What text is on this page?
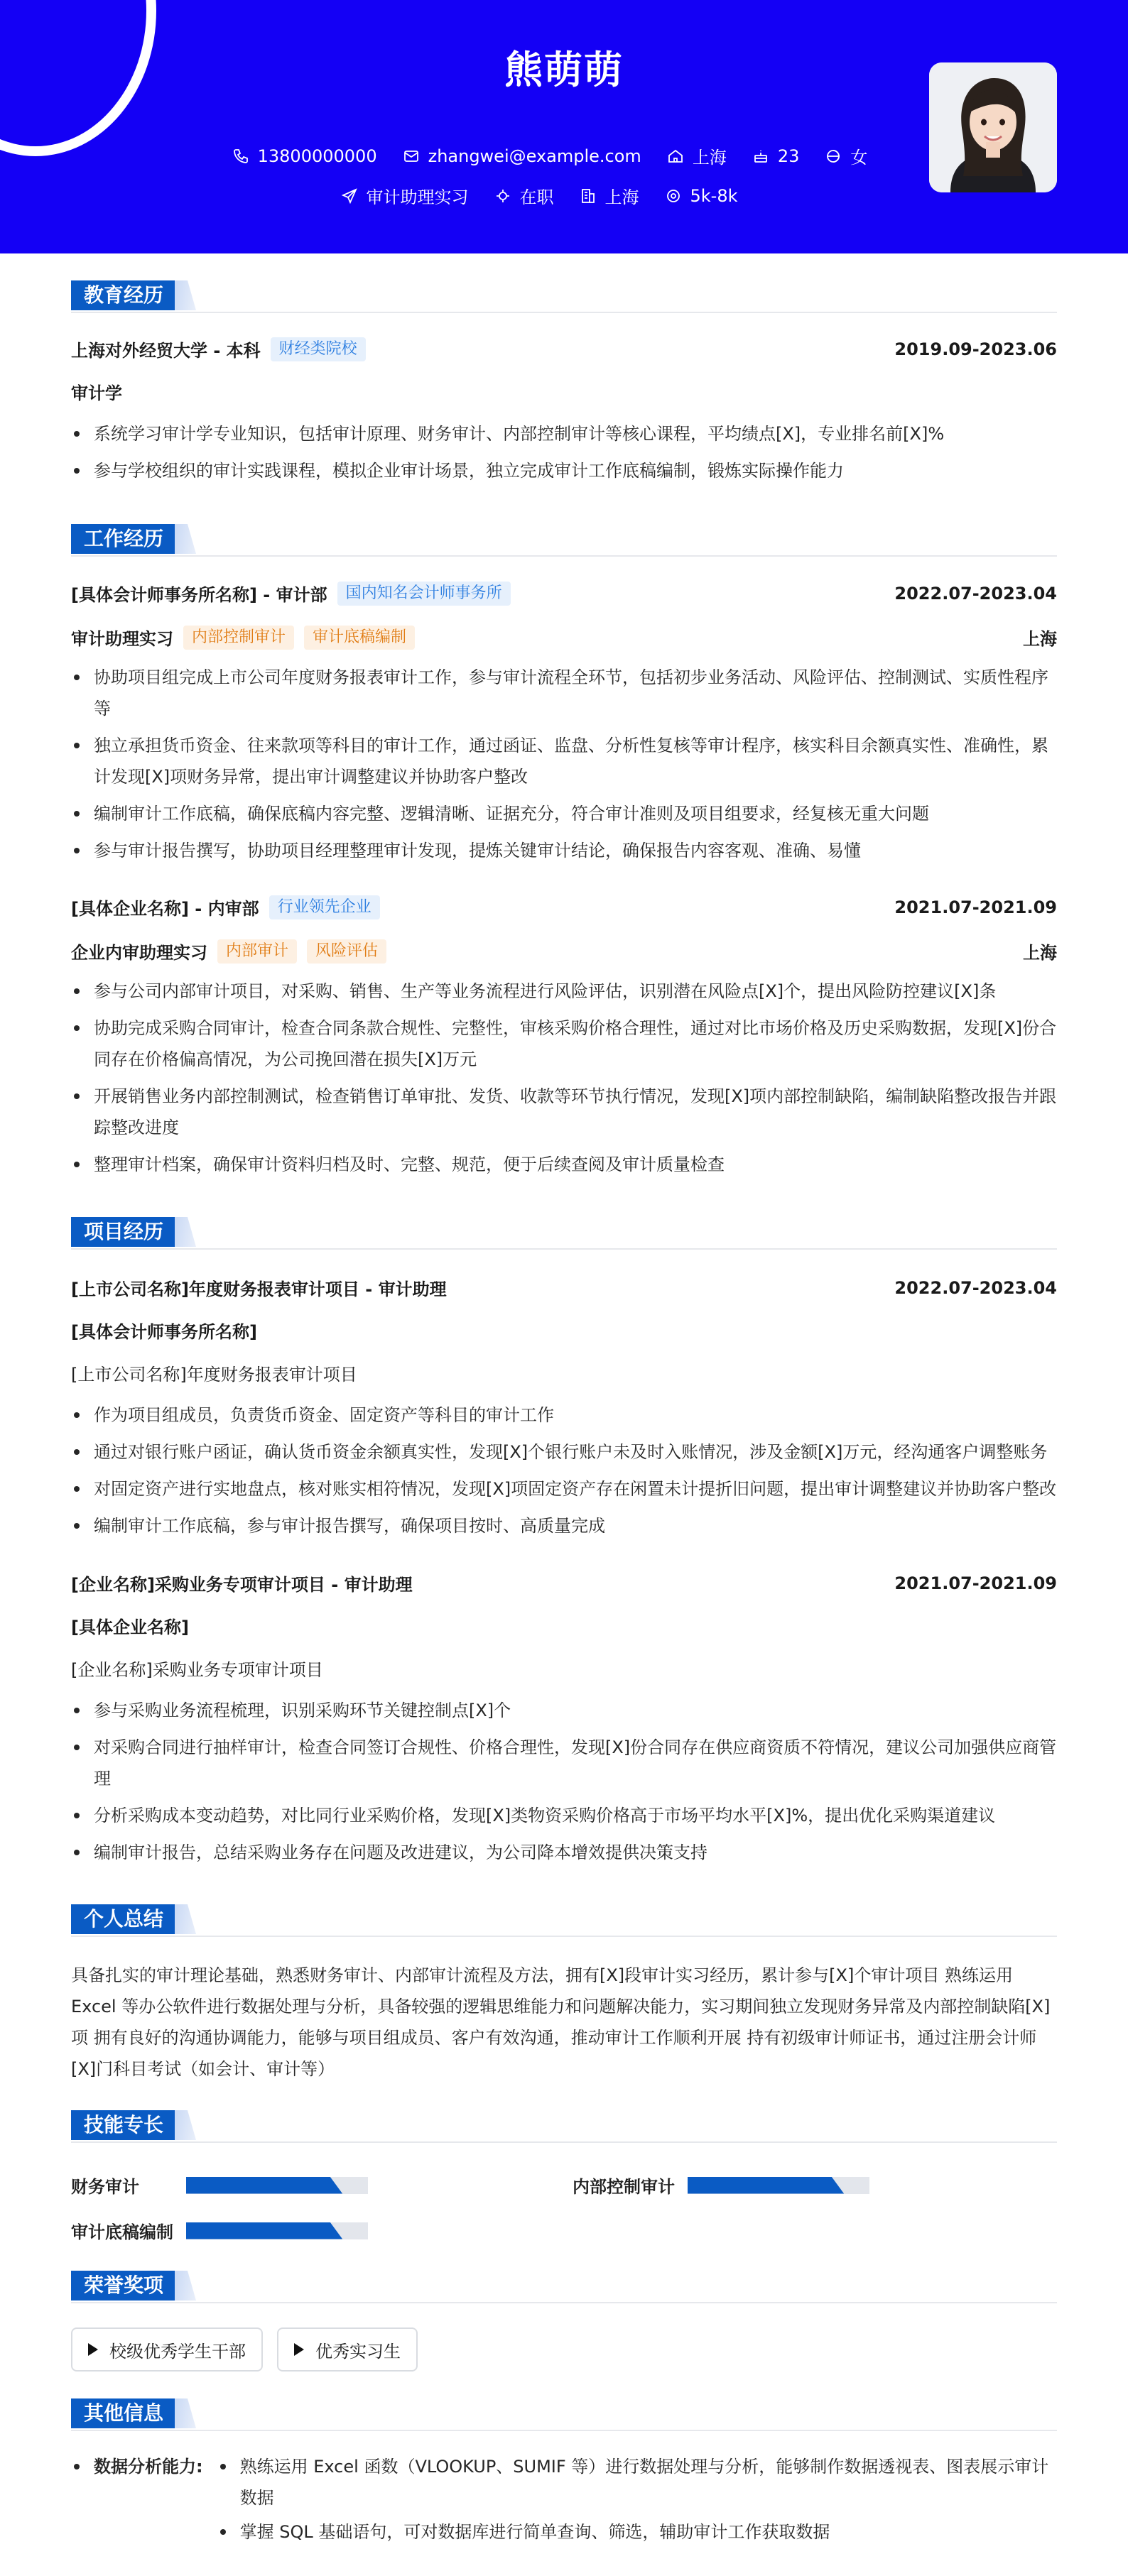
熊萌萌
13800000000	zhangwei@example.com	上海	23	女
审计助理实习	在职	上海	5k-8k
教育经历
上海对外经贸大学 - 本科	财经类院校	2019.09-2023.06
审计学
系统学习审计学专业知识，包括审计原理、财务审计、内部控制审计等核心课程，平均绩点[X]，专业排名前[X]%
参与学校组织的审计实践课程，模拟企业审计场景，独立完成审计工作底稿编制，锻炼实际操作能力
工作经历
[具体会计师事务所名称] - 审计部	国内知名会计师事务所	2022.07-2023.04
审计助理实习	内部控制审计	审计底稿编制	上海
协助项目组完成上市公司年度财务报表审计工作，参与审计流程全环节，包括初步业务活动、风险评估、控制测试、实质性程序等
独立承担货币资金、往来款项等科目的审计工作，通过函证、监盘、分析性复核等审计程序，核实科目余额真实性、准确性，累计发现[X]项财务异常，提出审计调整建议并协助客户整改
编制审计工作底稿，确保底稿内容完整、逻辑清晰、证据充分，符合审计准则及项目组要求，经复核无重大问题
参与审计报告撰写，协助项目经理整理审计发现，提炼关键审计结论，确保报告内容客观、准确、易懂
[具体企业名称] - 内审部	行业领先企业	2021.07-2021.09
企业内审助理实习	内部审计	风险评估	上海
参与公司内部审计项目，对采购、销售、生产等业务流程进行风险评估，识别潜在风险点[X]个，提出风险防控建议[X]条
协助完成采购合同审计，检查合同条款合规性、完整性，审核采购价格合理性，通过对比市场价格及历史采购数据，发现[X]份合同存在价格偏高情况，为公司挽回潜在损失[X]万元
开展销售业务内部控制测试，检查销售订单审批、发货、收款等环节执行情况，发现[X]项内部控制缺陷，编制缺陷整改报告并跟踪整改进度
整理审计档案，确保审计资料归档及时、完整、规范，便于后续查阅及审计质量检查
项目经历
[上市公司名称]年度财务报表审计项目 - 审计助理	2022.07-2023.04
[具体会计师事务所名称]
[上市公司名称]年度财务报表审计项目
作为项目组成员，负责货币资金、固定资产等科目的审计工作
通过对银行账户函证，确认货币资金余额真实性，发现[X]个银行账户未及时入账情况，涉及金额[X]万元，经沟通客户调整账务
对固定资产进行实地盘点，核对账实相符情况，发现[X]项固定资产存在闲置未计提折旧问题，提出审计调整建议并协助客户整改
编制审计工作底稿，参与审计报告撰写，确保项目按时、高质量完成
[企业名称]采购业务专项审计项目 - 审计助理	2021.07-2021.09
[具体企业名称]
[企业名称]采购业务专项审计项目
参与采购业务流程梳理，识别采购环节关键控制点[X]个
对采购合同进行抽样审计，检查合同签订合规性、价格合理性，发现[X]份合同存在供应商资质不符情况，建议公司加强供应商管理
分析采购成本变动趋势，对比同行业采购价格，发现[X]类物资采购价格高于市场平均水平[X]%，提出优化采购渠道建议
编制审计报告，总结采购业务存在问题及改进建议，为公司降本增效提供决策支持
个人总结
具备扎实的审计理论基础，熟悉财务审计、内部审计流程及方法，拥有[X]段审计实习经历，累计参与[X]个审计项目 熟练运用 Excel 等办公软件进行数据处理与分析，具备较强的逻辑思维能力和问题解决能力，实习期间独立发现财务异常及内部控制缺陷[X]项 拥有良好的沟通协调能力，能够与项目组成员、客户有效沟通，推动审计工作顺利开展 持有初级审计师证书，通过注册会计师[X]门科目考试（如会计、审计等）
技能专长
财务审计	内部控制审计
审计底稿编制
荣誉奖项
校级优秀学生干部	优秀实习生
其他信息
数据分析能力:	熟练运用 Excel 函数（VLOOKUP、SUMIF 等）进行数据处理与分析，能够制作数据透视表、图表展示审计数据
掌握 SQL 基础语句，可对数据库进行简单查询、筛选，辅助审计工作获取数据
